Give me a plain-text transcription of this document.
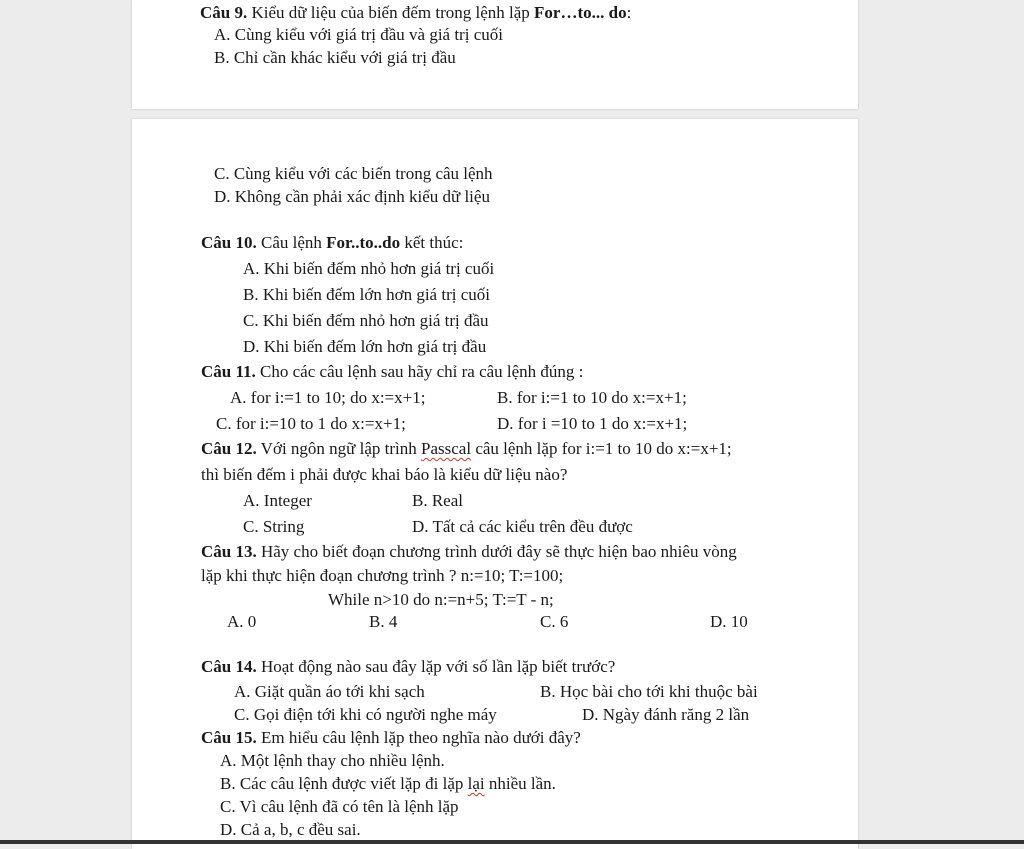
Câu 9. Kiểu dữ liệu của biến đếm trong lệnh lặp For…to... do:
A. Cùng kiểu với giá trị đầu và giá trị cuối
B. Chỉ cần khác kiểu với giá trị đầu
C. Cùng kiểu với các biến trong câu lệnh
D. Không cần phải xác định kiểu dữ liệu
Câu 10. Câu lệnh For..to..do kết thúc:
A. Khi biến đếm nhỏ hơn giá trị cuối
B. Khi biến đếm lớn hơn giá trị cuối
C. Khi biến đếm nhỏ hơn giá trị đầu
D. Khi biến đếm lớn hơn giá trị đầu
Câu 11. Cho các câu lệnh sau hãy chỉ ra câu lệnh đúng :
A. for i:=1 to 10; do x:=x+1;	B. for i:=1 to 10 do x:=x+1;
C. for i:=10 to 1 do x:=x+1;	D. for i =10 to 1 do x:=x+1;
Câu 12. Với ngôn ngữ lập trình Passcal câu lệnh lặp for i:=1 to 10 do x:=x+1;
thì biến đếm i phải được khai báo là kiểu dữ liệu nào?
A. Integer	B. Real
C. String	D. Tất cả các kiểu trên đều được
Câu 13. Hãy cho biết đoạn chương trình dưới đây sẽ thực hiện bao nhiêu vòng
lặp khi thực hiện đoạn chương trình ? n:=10; T:=100;
While n>10 do n:=n+5; T:=T - n;
A. 0	B. 4	C. 6	D. 10
Câu 14. Hoạt động nào sau đây lặp với số lần lặp biết trước?
A. Giặt quần áo tới khi sạch	B. Học bài cho tới khi thuộc bài
C. Gọi điện tới khi có người nghe máy	D. Ngày đánh răng 2 lần
Câu 15. Em hiểu câu lệnh lặp theo nghĩa nào dưới đây?
A. Một lệnh thay cho nhiều lệnh.
B. Các câu lệnh được viết lặp đi lặp lại nhiều lần.
C. Vì câu lệnh đã có tên là lệnh lặp
D. Cả a, b, c đều sai.
